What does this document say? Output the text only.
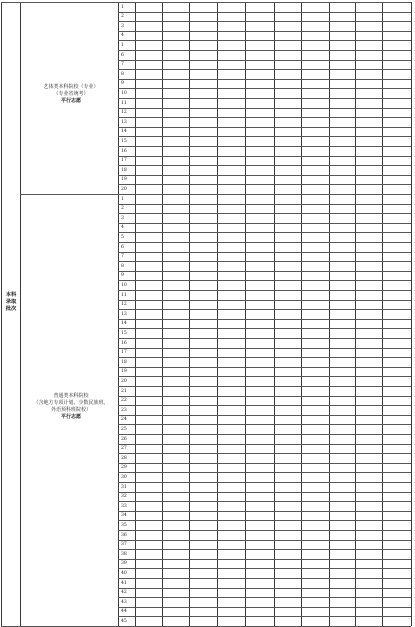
本科
录取
批次
艺体类本科院校（专业）
（专业省统考）
平行志愿
普通类本科院校
（含地方专项计划、少数民族班、
外语预科班院校）
平行志愿
1
2
3
4
1
6
7
8
9
10
11
12
13
14
15
16
17
18
19
20
1
2
3
4
5
6
7
8
9
10
11
12
13
14
15
16
17
18
19
20
21
22
23
24
25
26
27
28
29
30
31
32
33
34
35
36
37
38
39
40
41
42
43
44
45
